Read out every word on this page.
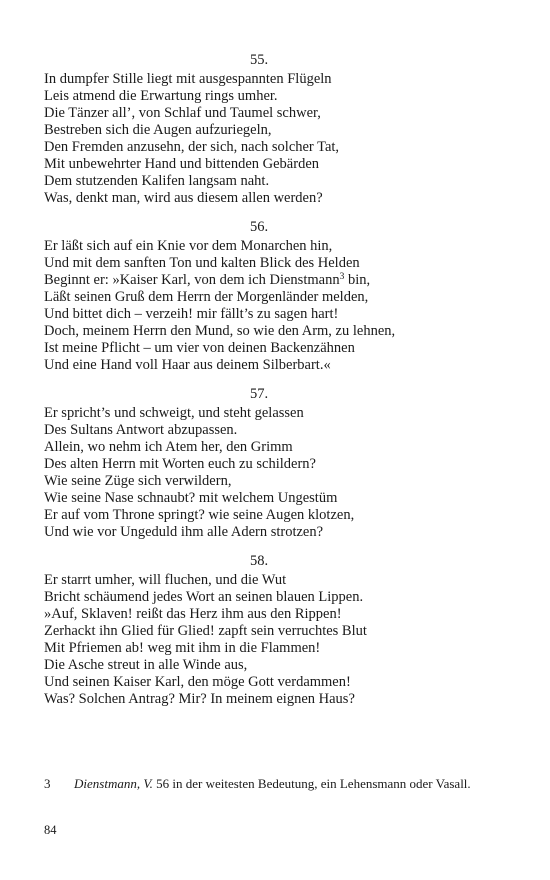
55.
In dumpfer Stille liegt mit ausgespannten Flügeln
Leis atmend die Erwartung rings umher.
Die Tänzer all’, von Schlaf und Taumel schwer,
Bestreben sich die Augen aufzuriegeln,
Den Fremden anzusehn, der sich, nach solcher Tat,
Mit unbewehrter Hand und bittenden Gebärden
Dem stutzenden Kalifen langsam naht.
Was, denkt man, wird aus diesem allen werden?
56.
Er läßt sich auf ein Knie vor dem Monarchen hin,
Und mit dem sanften Ton und kalten Blick des Helden
Beginnt er: »Kaiser Karl, von dem ich Dienstmann$^3$ bin,
Läßt seinen Gruß dem Herrn der Morgenländer melden,
Und bittet dich – verzeih! mir fällt’s zu sagen hart!
Doch, meinem Herrn den Mund, so wie den Arm, zu lehnen,
Ist meine Pflicht – um vier von deinen Backenzähnen
Und eine Hand voll Haar aus deinem Silberbart.«
57.
Er spricht’s und schweigt, und steht gelassen
Des Sultans Antwort abzupassen.
Allein, wo nehm ich Atem her, den Grimm
Des alten Herrn mit Worten euch zu schildern?
Wie seine Züge sich verwildern,
Wie seine Nase schnaubt? mit welchem Ungestüm
Er auf vom Throne springt? wie seine Augen klotzen,
Und wie vor Ungeduld ihm alle Adern strotzen?
58.
Er starrt umher, will fluchen, und die Wut
Bricht schäumend jedes Wort an seinen blauen Lippen.
»Auf, Sklaven! reißt das Herz ihm aus den Rippen!
Zerhackt ihn Glied für Glied! zapft sein verruchtes Blut
Mit Pfriemen ab! weg mit ihm in die Flammen!
Die Asche streut in alle Winde aus,
Und seinen Kaiser Karl, den möge Gott verdammen!
Was? Solchen Antrag? Mir? In meinem eignen Haus?
3 Dienstmann, V. 56 in der weitesten Bedeutung, ein Lehensmann oder Vasall.
84
